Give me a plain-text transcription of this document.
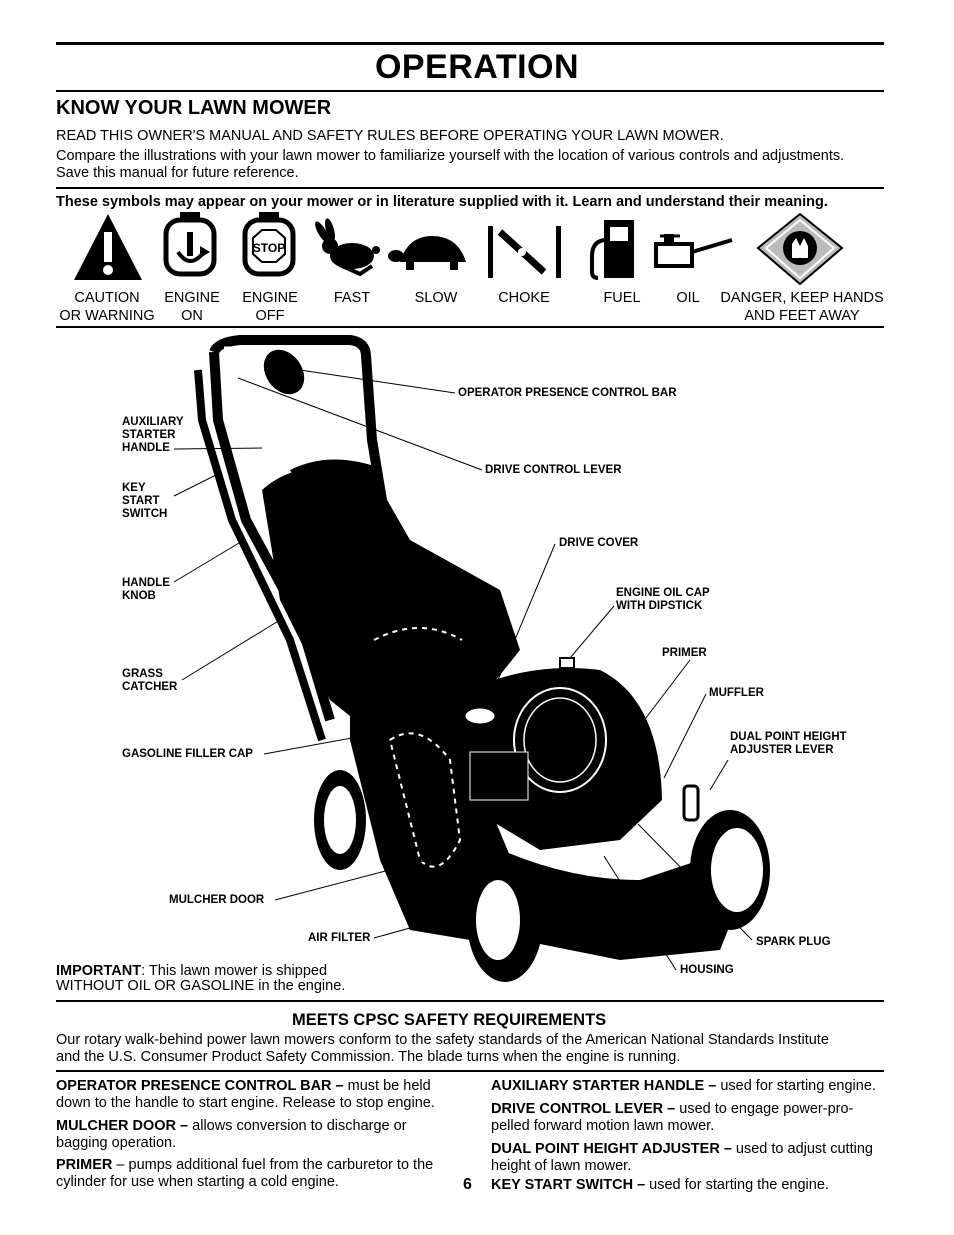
OPERATION
KNOW YOUR LAWN MOWER
READ THIS OWNER'S MANUAL AND SAFETY RULES BEFORE OPERATING YOUR LAWN MOWER.
Compare the illustrations with your lawn mower to familiarize yourself with the location of various controls and adjustments.
Save this manual for future reference.
These symbols may appear on your mower or in literature supplied with it. Learn and understand their meaning.
STOP
CAUTION
OR WARNING
ENGINE
ON
ENGINE
OFF
FAST	SLOW	CHOKE	FUEL	OIL	DANGER, KEEP HANDS
AND FEET AWAY
OPERATOR PRESENCE CONTROL BAR
AUXILIARY
STARTER
HANDLE
DRIVE CONTROL LEVER
KEY
START
SWITCH
DRIVE COVER
HANDLE
KNOB	ENGINE OIL CAP
WITH DIPSTICK
PRIMER
GRASS
CATCHER	MUFFLER
DUAL POINT HEIGHT
ADJUSTER LEVER
GASOLINE FILLER CAP
MULCHER DOOR
AIR FILTER	SPARK PLUG
HOUSING
IMPORTANT: This lawn mower is shipped
WITHOUT OIL OR GASOLINE in the engine.
MEETS CPSC SAFETY REQUIREMENTS
Our rotary walk-behind power lawn mowers conform to the safety standards of the American National Standards Institute
and the U.S. Consumer Product Safety Commission. The blade turns when the engine is running.
OPERATOR PRESENCE CONTROL BAR – must be held
down to the handle to start engine. Release to stop engine.
MULCHER DOOR – allows conversion to discharge or
bagging operation.
PRIMER – pumps additional fuel from the carburetor to the
cylinder for use when starting a cold engine.
AUXILIARY STARTER HANDLE – used for starting engine.
DRIVE CONTROL LEVER – used to engage power-pro-
pelled forward motion lawn mower.
DUAL POINT HEIGHT ADJUSTER – used to adjust cutting
height of lawn mower.
KEY START SWITCH – used for starting the engine.
6
